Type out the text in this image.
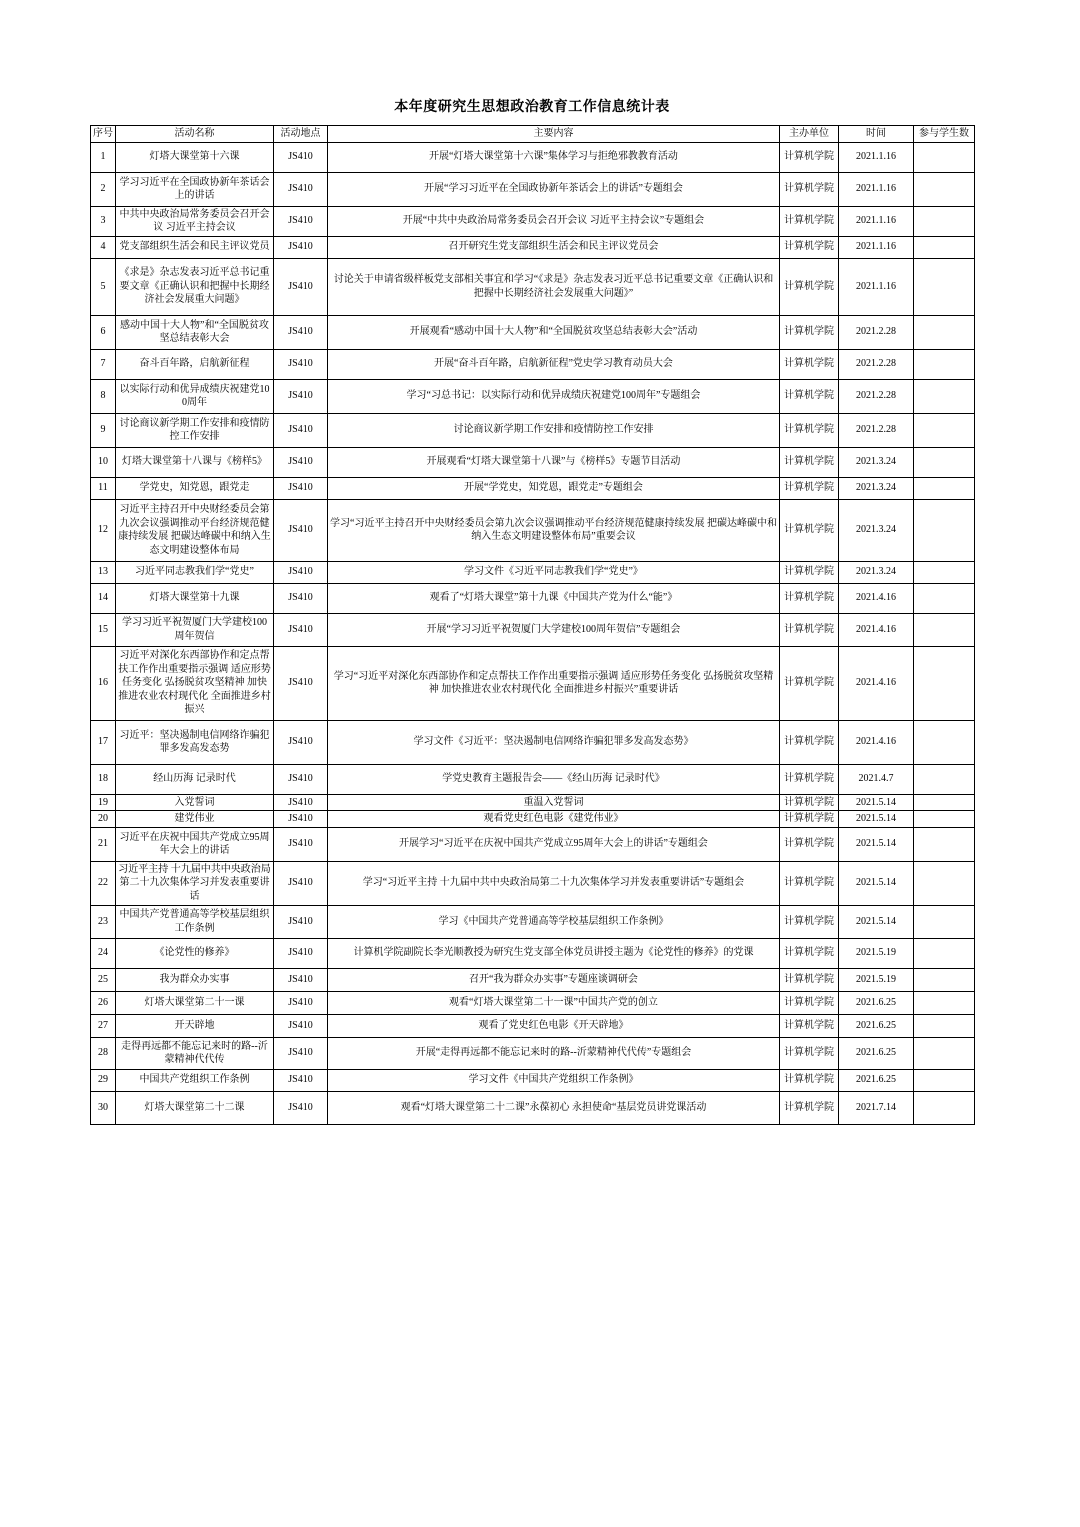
本年度研究生思想政治教育工作信息统计表
序号	活动名称	活动地点	主要内容	主办单位	时间	参与学生数
1	灯塔大课堂第十六课	JS410	开展“灯塔大课堂第十六课”集体学习与拒绝邪教教育活动	计算机学院	2021.1.16	
2	学习习近平在全国政协新年茶话会上的讲话	JS410	开展“学习习近平在全国政协新年茶话会上的讲话”专题组会	计算机学院	2021.1.16	
3	中共中央政治局常务委员会召开会议 习近平主持会议	JS410	开展“中共中央政治局常务委员会召开会议 习近平主持会议”专题组会	计算机学院	2021.1.16	
4	党支部组织生活会和民主评议党员	JS410	召开研究生党支部组织生活会和民主评议党员会	计算机学院	2021.1.16	
5	《求是》杂志发表习近平总书记重要文章《正确认识和把握中长期经济社会发展重大问题》	JS410	讨论关于申请省级样板党支部相关事宜和学习“《求是》杂志发表习近平总书记重要文章《正确认识和把握中长期经济社会发展重大问题》”	计算机学院	2021.1.16	
6	感动中国十大人物”和“全国脱贫攻坚总结表彰大会	JS410	开展观看“感动中国十大人物”和“全国脱贫攻坚总结表彰大会”活动	计算机学院	2021.2.28	
7	奋斗百年路，启航新征程	JS410	开展“奋斗百年路，启航新征程”党史学习教育动员大会	计算机学院	2021.2.28	
8	以实际行动和优异成绩庆祝建党100周年	JS410	学习“习总书记：以实际行动和优异成绩庆祝建党100周年”专题组会	计算机学院	2021.2.28	
9	讨论商议新学期工作安排和疫情防控工作安排	JS410	讨论商议新学期工作安排和疫情防控工作安排	计算机学院	2021.2.28	
10	灯塔大课堂第十八课与《榜样5》	JS410	开展观看“灯塔大课堂第十八课”与《榜样5》专题节目活动	计算机学院	2021.3.24	
11	学党史，知党恩，跟党走	JS410	开展“学党史，知党恩，跟党走”专题组会	计算机学院	2021.3.24	
12	习近平主持召开中央财经委员会第九次会议强调推动平台经济规范健康持续发展 把碳达峰碳中和纳入生态文明建设整体布局	JS410	学习“习近平主持召开中央财经委员会第九次会议强调推动平台经济规范健康持续发展 把碳达峰碳中和纳入生态文明建设整体布局”重要会议	计算机学院	2021.3.24	
13	习近平同志教我们学“党史”	JS410	学习文件《习近平同志教我们学“党史”》	计算机学院	2021.3.24	
14	灯塔大课堂第十九课	JS410	观看了“灯塔大课堂”第十九课《中国共产党为什么“能”》	计算机学院	2021.4.16	
15	学习习近平祝贺厦门大学建校100周年贺信	JS410	开展“学习习近平祝贺厦门大学建校100周年贺信”专题组会	计算机学院	2021.4.16	
16	习近平对深化东西部协作和定点帮扶工作作出重要指示强调 适应形势任务变化 弘扬脱贫攻坚精神 加快推进农业农村现代化 全面推进乡村振兴	JS410	学习“习近平对深化东西部协作和定点帮扶工作作出重要指示强调 适应形势任务变化 弘扬脱贫攻坚精神 加快推进农业农村现代化 全面推进乡村振兴”重要讲话	计算机学院	2021.4.16	
17	习近平：坚决遏制电信网络诈骗犯罪多发高发态势	JS410	学习文件《习近平：坚决遏制电信网络诈骗犯罪多发高发态势》	计算机学院	2021.4.16	
18	经山历海 记录时代	JS410	学党史教育主题报告会——《经山历海 记录时代》	计算机学院	2021.4.7	
19	入党誓词	JS410	重温入党誓词	计算机学院	2021.5.14	
20	建党伟业	JS410	观看党史红色电影《建党伟业》	计算机学院	2021.5.14	
21	习近平在庆祝中国共产党成立95周年大会上的讲话	JS410	开展学习“习近平在庆祝中国共产党成立95周年大会上的讲话”专题组会	计算机学院	2021.5.14	
22	习近平主持 十九届中共中央政治局第二十九次集体学习并发表重要讲话	JS410	学习“习近平主持 十九届中共中央政治局第二十九次集体学习并发表重要讲话”专题组会	计算机学院	2021.5.14	
23	中国共产党普通高等学校基层组织工作条例	JS410	学习《中国共产党普通高等学校基层组织工作条例》	计算机学院	2021.5.14	
24	《论党性的修养》	JS410	计算机学院副院长李光顺教授为研究生党支部全体党员讲授主题为《论党性的修养》的党课	计算机学院	2021.5.19	
25	我为群众办实事	JS410	召开“我为群众办实事”专题座谈调研会	计算机学院	2021.5.19	
26	灯塔大课堂第二十一课	JS410	观看“灯塔大课堂第二十一课”中国共产党的创立	计算机学院	2021.6.25	
27	开天辟地	JS410	观看了党史红色电影《开天辟地》	计算机学院	2021.6.25	
28	走得再远都不能忘记来时的路--沂蒙精神代代传	JS410	开展“走得再远都不能忘记来时的路--沂蒙精神代代传”专题组会	计算机学院	2021.6.25	
29	中国共产党组织工作条例	JS410	学习文件《中国共产党组织工作条例》	计算机学院	2021.6.25	
30	灯塔大课堂第二十二课	JS410	观看“灯塔大课堂第二十二课”永葆初心 永担使命“基层党员讲党课活动	计算机学院	2021.7.14	
